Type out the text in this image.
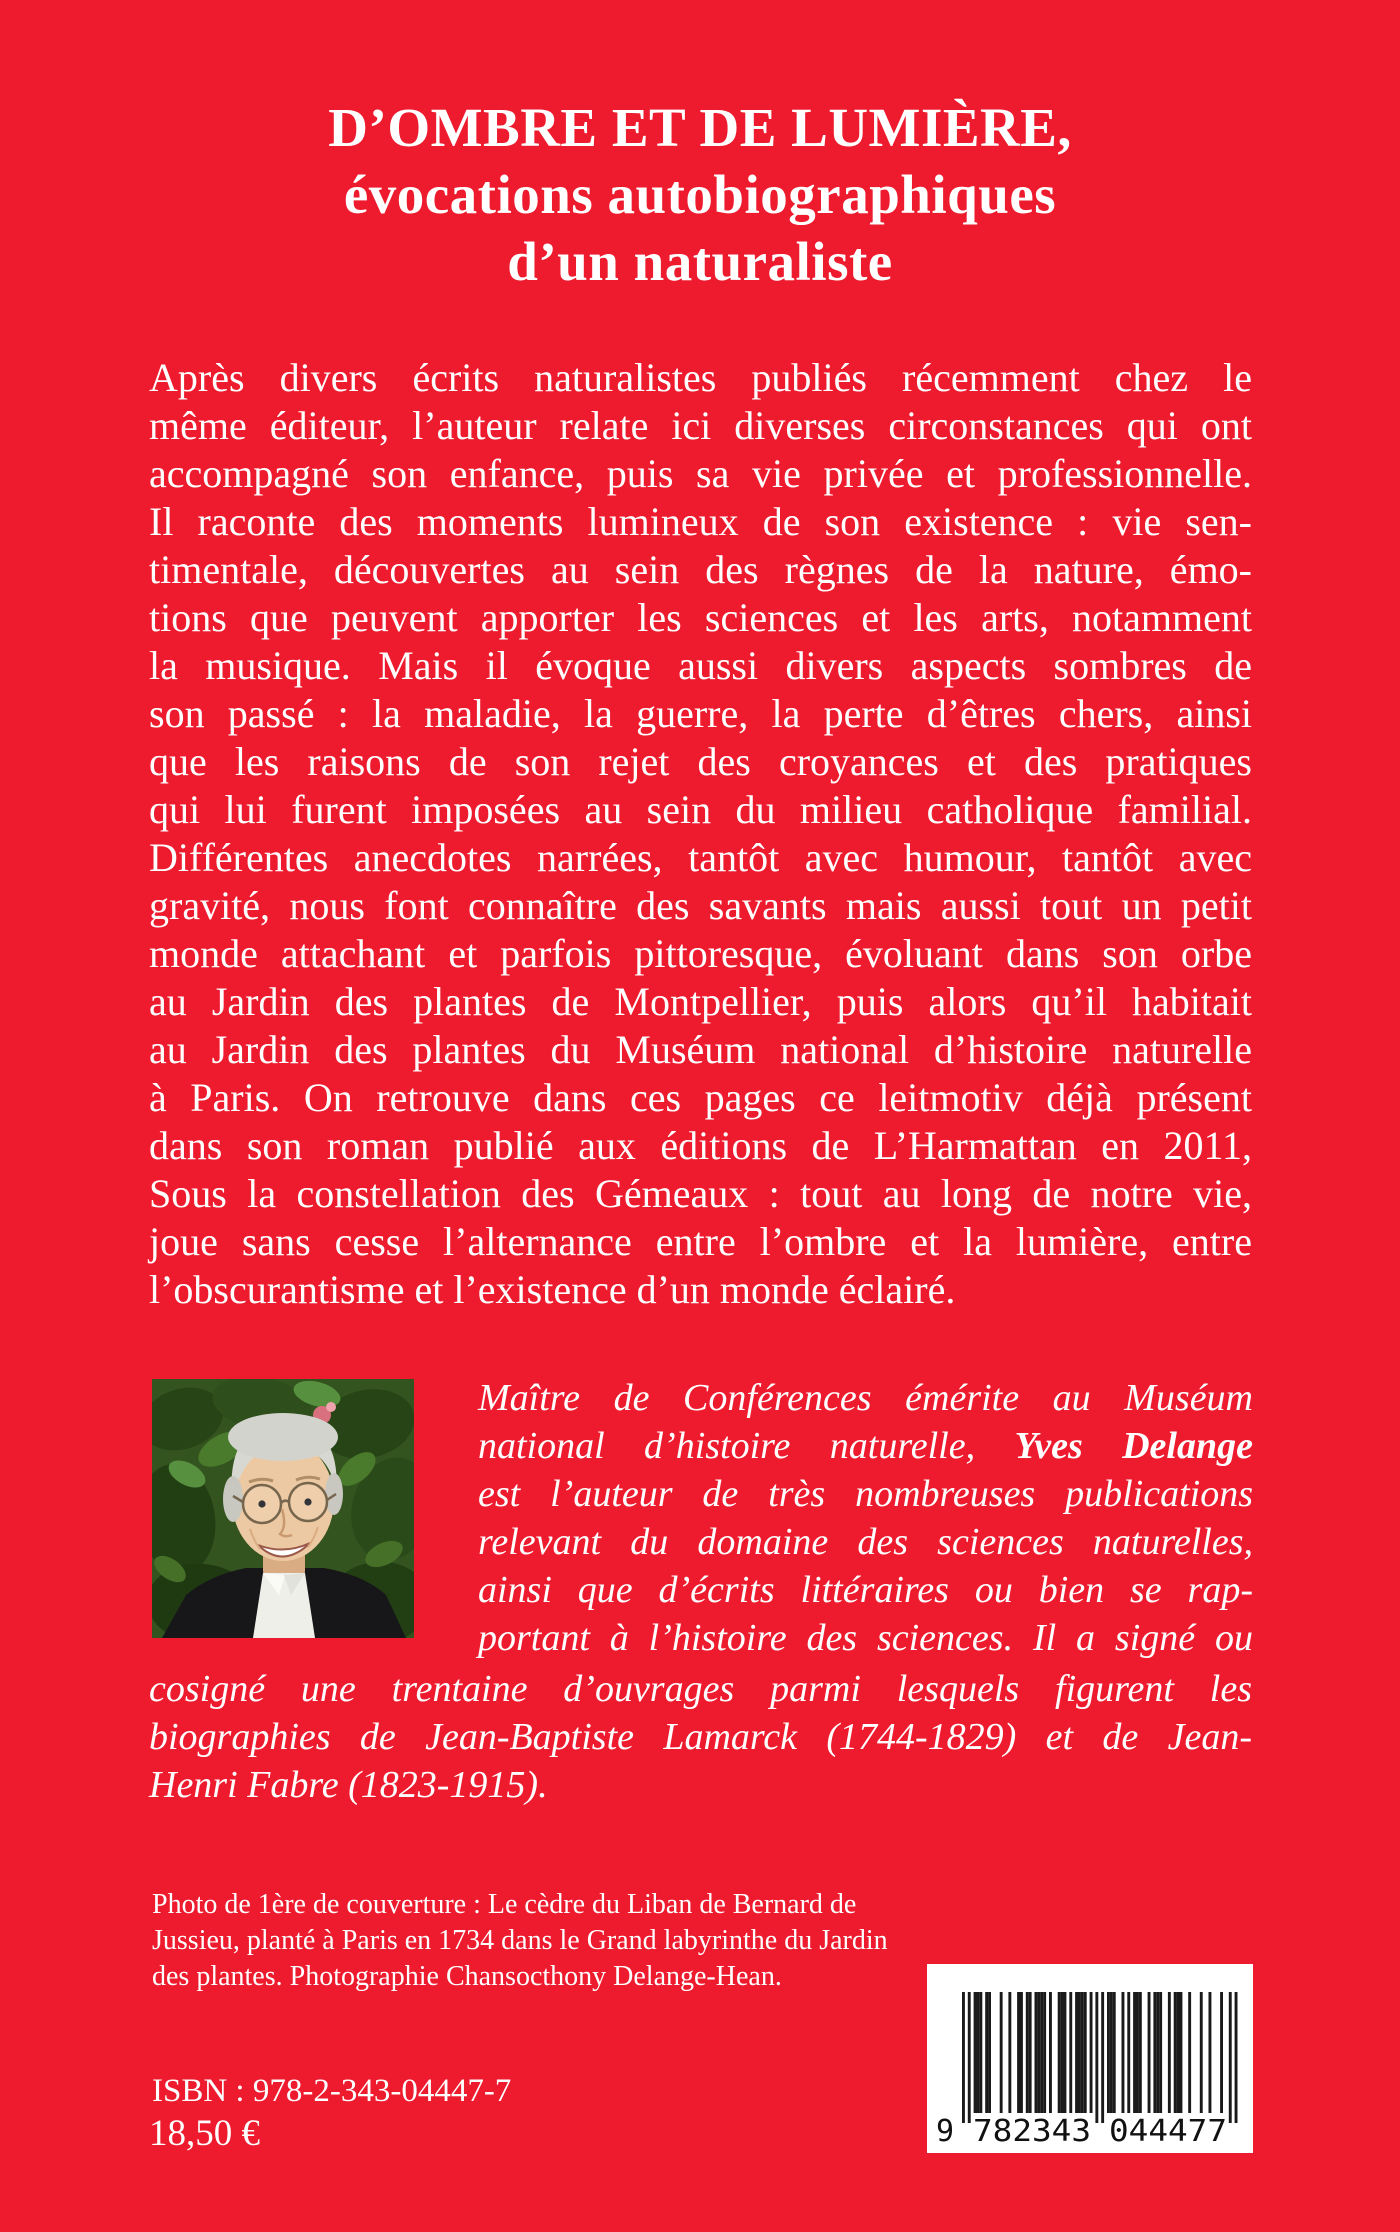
D’OMBRE ET DE LUMIÈRE,
évocations autobiographiques
d’un naturaliste
Après divers écrits naturalistes publiés récemment chez le
même éditeur, l’auteur relate ici diverses circonstances qui ont
accompagné son enfance, puis sa vie privée et professionnelle.
Il raconte des moments lumineux de son existence : vie sen-
timentale, découvertes au sein des règnes de la nature, émo-
tions que peuvent apporter les sciences et les arts, notamment
la musique. Mais il évoque aussi divers aspects sombres de
son passé : la maladie, la guerre, la perte d’êtres chers, ainsi
que les raisons de son rejet des croyances et des pratiques
qui lui furent imposées au sein du milieu catholique familial.
Différentes anecdotes narrées, tantôt avec humour, tantôt avec
gravité, nous font connaître des savants mais aussi tout un petit
monde attachant et parfois pittoresque, évoluant dans son orbe
au Jardin des plantes de Montpellier, puis alors qu’il habitait
au Jardin des plantes du Muséum national d’histoire naturelle
à Paris. On retrouve dans ces pages ce leitmotiv déjà présent
dans son roman publié aux éditions de L’Harmattan en 2011,
Sous la constellation des Gémeaux : tout au long de notre vie,
joue sans cesse l’alternance entre l’ombre et la lumière, entre
l’obscurantisme et l’existence d’un monde éclairé.
Maître de Conférences émérite au Muséum
national d’histoire naturelle, Yves Delange
est l’auteur de très nombreuses publications
relevant du domaine des sciences naturelles,
ainsi que d’écrits littéraires ou bien se rap-
portant à l’histoire des sciences. Il a signé ou
cosigné une trentaine d’ouvrages parmi lesquels figurent les
biographies de Jean-Baptiste Lamarck (1744-1829) et de Jean-
Henri Fabre (1823-1915).
Photo de 1ère de couverture : Le cèdre du Liban de Bernard de
Jussieu, planté à Paris en 1734 dans le Grand labyrinthe du Jardin
des plantes. Photographie Chansocthony Delange-Hean.
ISBN : 978-2-343-04447-7
18,50 €	9 782343 044477
